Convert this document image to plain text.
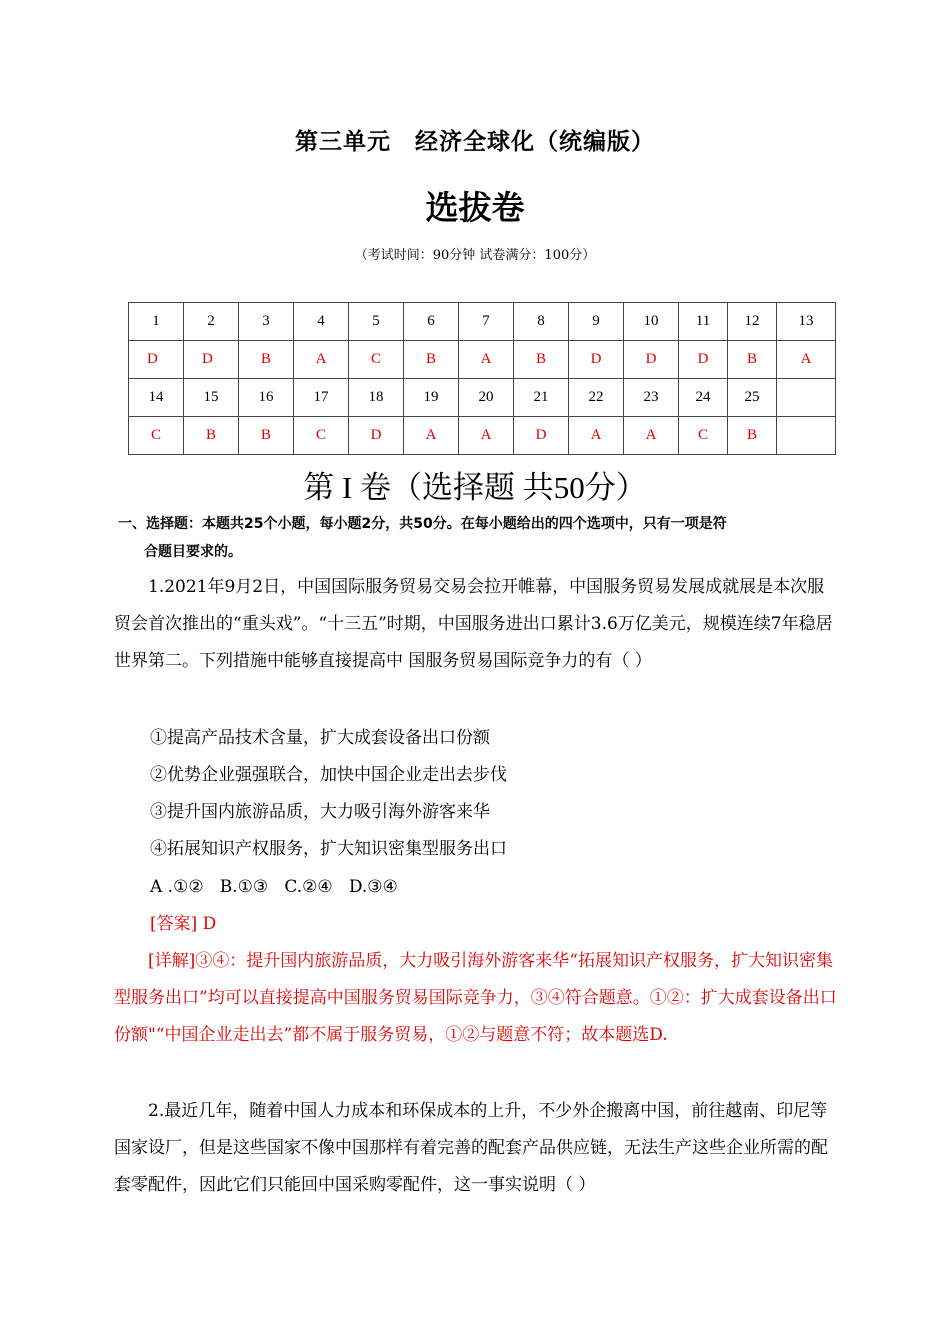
第三单元　经济全球化（统编版）
选拔卷
（考试时间：90分钟 试卷满分：100分）
1	2	3	4	5	6	7	8	9	10	11	12	13
D	D	B	A	C	B	A	B	D	D	D	B	A
14	15	16	17	18	19	20	21	22	23	24	25	
C	B	B	C	D	A	A	D	A	A	C	B	
第 I 卷（选择题 共50分）
一、选择题：本题共25个小题，每小题2分，共50分。在每小题给出的四个选项中，只有一项是符
合题目要求的。
1.2021年9月2日，中国国际服务贸易交易会拉开帷幕，中国服务贸易发展成就展是本次服贸会首次推出的“重头戏”。“十三五”时期，中国服务进出口累计3.6万亿美元，规模连续7年稳居世界第二。下列措施中能够直接提高中 国服务贸易国际竞争力的有（ ）
①提高产品技术含量，扩大成套设备出口份额
②优势企业强强联合，加快中国企业走出去步伐
③提升国内旅游品质，大力吸引海外游客来华
④拓展知识产权服务，扩大知识密集型服务出口
A .①②   B.①③   C.②④   D.③④
[答案] D
[详解]③④：提升国内旅游品质，大力吸引海外游客来华“拓展知识产权服务，扩大知识密集型服务出口”均可以直接提高中国服务贸易国际竞争力，③④符合题意。①②：扩大成套设备出口份额"“中国企业走出去”都不属于服务贸易，①②与题意不符；故本题选D.
2.最近几年，随着中国人力成本和环保成本的上升，不少外企搬离中国，前往越南、印尼等国家设厂，但是这些国家不像中国那样有着完善的配套产品供应链，无法生产这些企业所需的配套零配件，因此它们只能回中国采购零配件，这一事实说明（ ）
